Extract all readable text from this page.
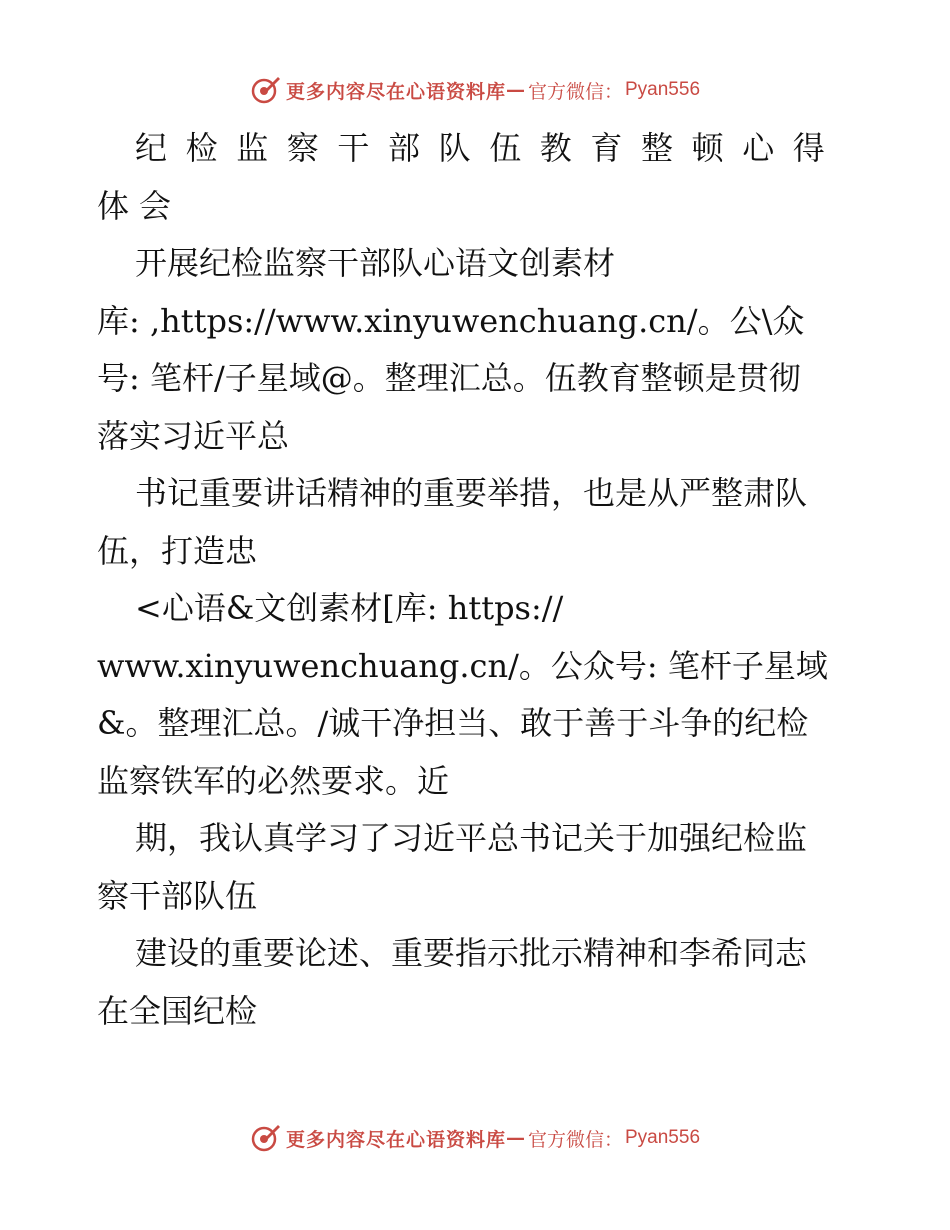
更多内容尽在心语资料库 — 官方微信： Pyan556
纪检监察干部队伍教育整顿心得
体会
开展纪检监察干部队心语文创素材
库: ,https://www.xinyuwenchuang.cn/。公\众
号: 笔杆/子星域@。整理汇总。伍教育整顿是贯彻
落实习近平总
书记重要讲话精神的重要举措，也是从严整肃队
伍，打造忠
<心语&文创素材[库: https://
www.xinyuwenchuang.cn/。公众号: 笔杆子星域
&。整理汇总。/诚干净担当、敢于善于斗争的纪检
监察铁军的必然要求。近
期，我认真学习了习近平总书记关于加强纪检监
察干部队伍
建设的重要论述、重要指示批示精神和李希同志
在全国纪检
更多内容尽在心语资料库 — 官方微信： Pyan556
